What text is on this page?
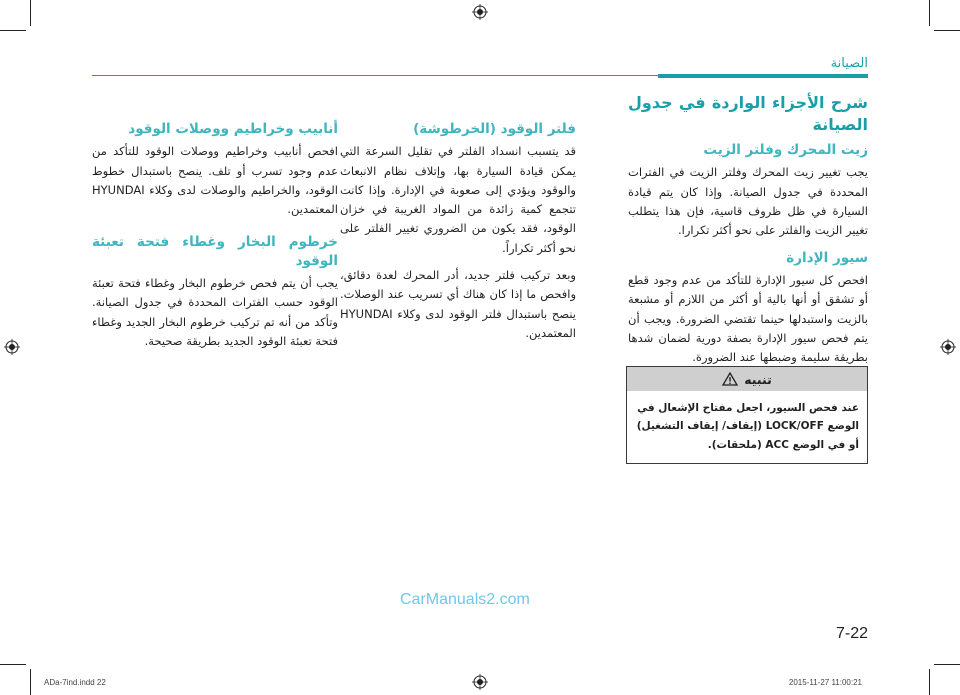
الصيانة
شرح الأجزاء الواردة في جدول الصيانة
زيت المحرك وفلتر الزيت

يجب تغيير زيت المحرك وفلتر الزيت في الفترات المحددة في جدول الصيانة. وإذا كان يتم قيادة السيارة في ظل ظروف قاسية، فإن هذا يتطلب تغيير الزيت والفلتر على نحو أكثر تكرارا.

سيور الإدارة

افحص كل سيور الإدارة للتأكد من عدم وجود قطع أو تشقق أو أنها بالية أو أكثر من اللازم أو مشبعة بالزيت واستبدلها حينما تقتضي الضرورة. ويجب أن يتم فحص سيور الإدارة بصفة دورية لضمان شدها بطريقة سليمة وضبطها عند الضرورة.

تنبيه
عند فحص السيور، اجعل مفتاح الإشعال في الوضع LOCK/OFF (إيقاف/ إيقاف التشغيل) أو في الوضع ACC (ملحقات).
فلتر الوقود (الخرطوشة)

قد يتسبب انسداد الفلتر في تقليل السرعة التي يمكن قيادة السيارة بها، وإتلاف نظام الانبعاث والوقود ويؤدي إلى صعوبة في الإدارة. وإذا كانت تتجمع كمية زائدة من المواد الغريبة في خزان الوقود، فقد يكون من الضروري تغيير الفلتر على نحو أكثر تكراراً.

وبعد تركيب فلتر جديد، أدر المحرك لعدة دقائق، وافحص ما إذا كان هناك أي تسريب عند الوصلات. ينصح باستبدال فلتر الوقود لدى وكلاء HYUNDAI المعتمدين.

أنابيب وخراطيم ووصلات الوقود

افحص أنابيب وخراطيم ووصلات الوقود للتأكد من عدم وجود تسرب أو تلف. ينصح باستبدال خطوط الوقود، والخراطيم والوصلات لدى وكلاء HYUNDAI المعتمدين.

خرطوم البخار وغطاء فتحة تعبئة الوقود

يجب أن يتم فحص خرطوم البخار وغطاء فتحة تعبئة الوقود حسب الفترات المحددة في جدول الصيانة. وتأكد من أنه تم تركيب خرطوم البخار الجديد وغطاء فتحة تعبئة الوقود الجديد بطريقة صحيحة.

CarManuals2.com
7-22
ADa-7ind.indd 22	2015-11-27 11:00:21
